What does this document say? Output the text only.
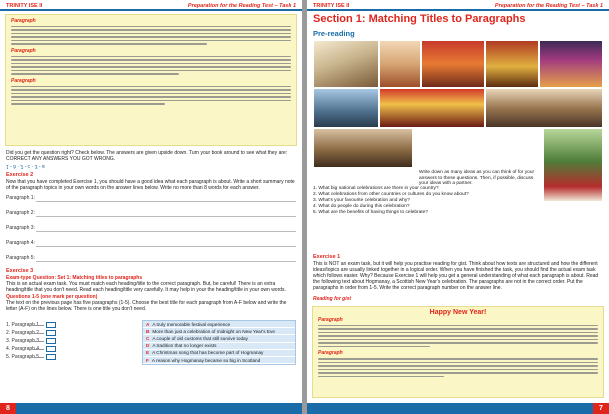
TRINITY ISE II	Preparation for the Reading Test – Task 1
Paragraph
Paragraph
Paragraph
Did you get the question right? Check below. The answers are given upside down. Turn your book around to see what they are: CORRECT ANY ANSWERS YOU GOT WRONG.
1 - b · 2 - c · 3 - a
Exercise 2
Now that you have completed Exercise 1, you should have a good idea what each paragraph is about. Write a short summary note of the paragraph topics in your own words on the answer lines below. Write no more than 8 words for each answer.
Paragraph 1:
Paragraph 2:
Paragraph 3:
Paragraph 4:
Paragraph 5:
Exercise 3
Exam-type Question: Set 1: Matching titles to paragraphs
This is an actual exam task. You must match each heading/title to the correct paragraph. But, be careful! There is an extra heading/title that you don't need. Read each heading/title very carefully. It may help in your the heading/title in your own words.
Questions 1-5 (one mark per question)
The text on the previous page has five paragraphs (1-5). Choose the best title for each paragraph from A-F below and write the letter (A-F) on the lines below. There is one title you don't need.
1. Paragraph 1
2. Paragraph 2
3. Paragraph 3
4. Paragraph 4
5. Paragraph 5
A A truly memorable festival experience
B More than just a celebration of midnight on New Year's Eve
C A couple of old customs that still survive today
D A tradition that no longer exists
E A Christmas song that has become part of Hogmanay
F A reason why Hogmanay became so big in Scotland
8
TRINITY ISE II	Preparation for the Reading Test – Task 1
Section 1: Matching Titles to Paragraphs
Pre-reading
Write down as many ideas as you can think of for your answers to these questions. Then, if possible, discuss your ideas with a partner.
1. What big national celebrations are there in your country?
2. What celebrations from other countries or cultures do you know about?
3. What's your favourite celebration and why?
4. What do people do during this celebration?
5. What are the benefits of having things to celebrate?
Exercise 1
This is NOT an exam task, but it will help you practise reading for gist. Think about how texts are structured and how the different ideas/topics are usually linked together in a logical order. When you have finished the task, you should find the actual exam task which follows easier. Why? Because Exercise 1 will help you get a general understanding of what each paragraph is about. Read the following text about Hogmanay, a Scottish New Year's celebration. The paragraphs are not in the correct order. Put the paragraphs in order from 1-5. Write the correct paragraph number on the answer line.
Reading for gist
Happy New Year!
Paragraph
Paragraph
7
